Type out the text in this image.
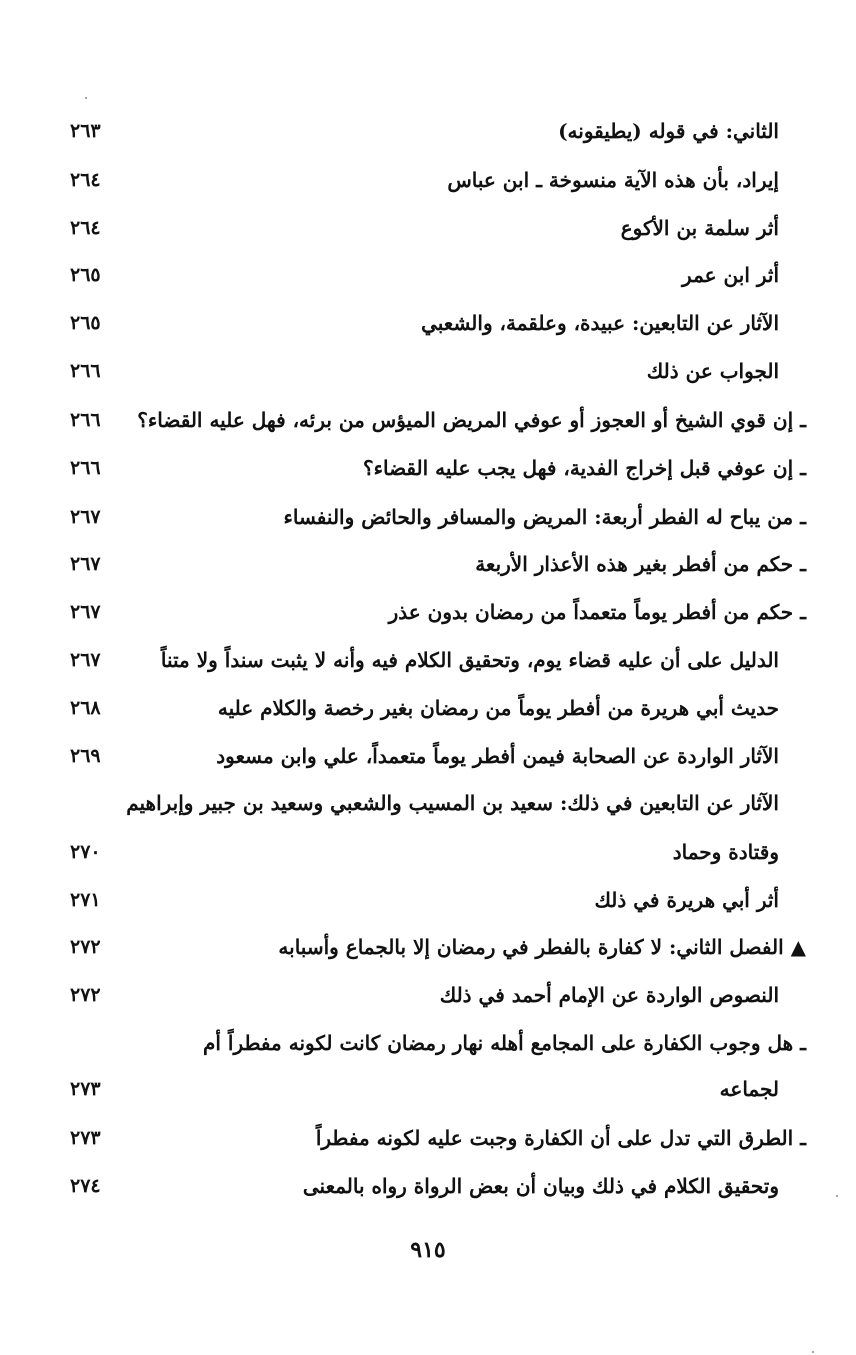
الثاني: في قوله (يطيقونه)
٢٦٣
إيراد، بأن هذه الآية منسوخة ـ ابن عباس
٢٦٤
أثر سلمة بن الأكوع
٢٦٤
أثر ابن عمر
٢٦٥
الآثار عن التابعين: عبيدة، وعلقمة، والشعبي
٢٦٥
الجواب عن ذلك
٢٦٦
ـ إن قوي الشيخ أو العجوز أو عوفي المريض الميؤس من برئه، فهل عليه القضاء؟
٢٦٦
ـ إن عوفي قبل إخراج الفدية، فهل يجب عليه القضاء؟
٢٦٦
ـ من يباح له الفطر أربعة: المريض والمسافر والحائض والنفساء
٢٦٧
ـ حكم من أفطر بغير هذه الأعذار الأربعة
٢٦٧
ـ حكم من أفطر يوماً متعمداً من رمضان بدون عذر
٢٦٧
الدليل على أن عليه قضاء يوم، وتحقيق الكلام فيه وأنه لا يثبت سنداً ولا متناً
٢٦٧
حديث أبي هريرة من أفطر يوماً من رمضان بغير رخصة والكلام عليه
٢٦٨
الآثار الواردة عن الصحابة فيمن أفطر يوماً متعمداً، علي وابن مسعود
٢٦٩
الآثار عن التابعين في ذلك: سعيد بن المسيب والشعبي وسعيد بن جبير وإبراهيم
وقتادة وحماد
٢٧٠
أثر أبي هريرة في ذلك
٢٧١
▲ الفصل الثاني: لا كفارة بالفطر في رمضان إلا بالجماع وأسبابه
٢٧٢
النصوص الواردة عن الإمام أحمد في ذلك
٢٧٢
ـ هل وجوب الكفارة على المجامع أهله نهار رمضان كانت لكونه مفطراً أم
لجماعه
٢٧٣
ـ الطرق التي تدل على أن الكفارة وجبت عليه لكونه مفطراً
٢٧٣
وتحقيق الكلام في ذلك وبيان أن بعض الرواة رواه بالمعنى
٢٧٤
٩١٥
